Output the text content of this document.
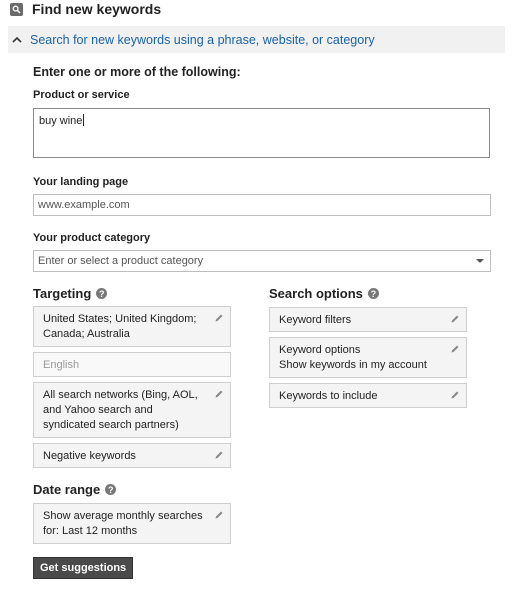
Find new keywords
Search for new keywords using a phrase, website, or category
Enter one or more of the following:
Product or service
buy wine
Your landing page
www.example.com
Your product category
Enter or select a product category
Targeting ?
United States; United Kingdom; Canada; Australia
English
All search networks (Bing, AOL, and Yahoo search and syndicated search partners)
Negative keywords
Date range ?
Show average monthly searches for: Last 12 months
Search options ?
Keyword filters
Keyword options
Show keywords in my account
Keywords to include
Get suggestions
